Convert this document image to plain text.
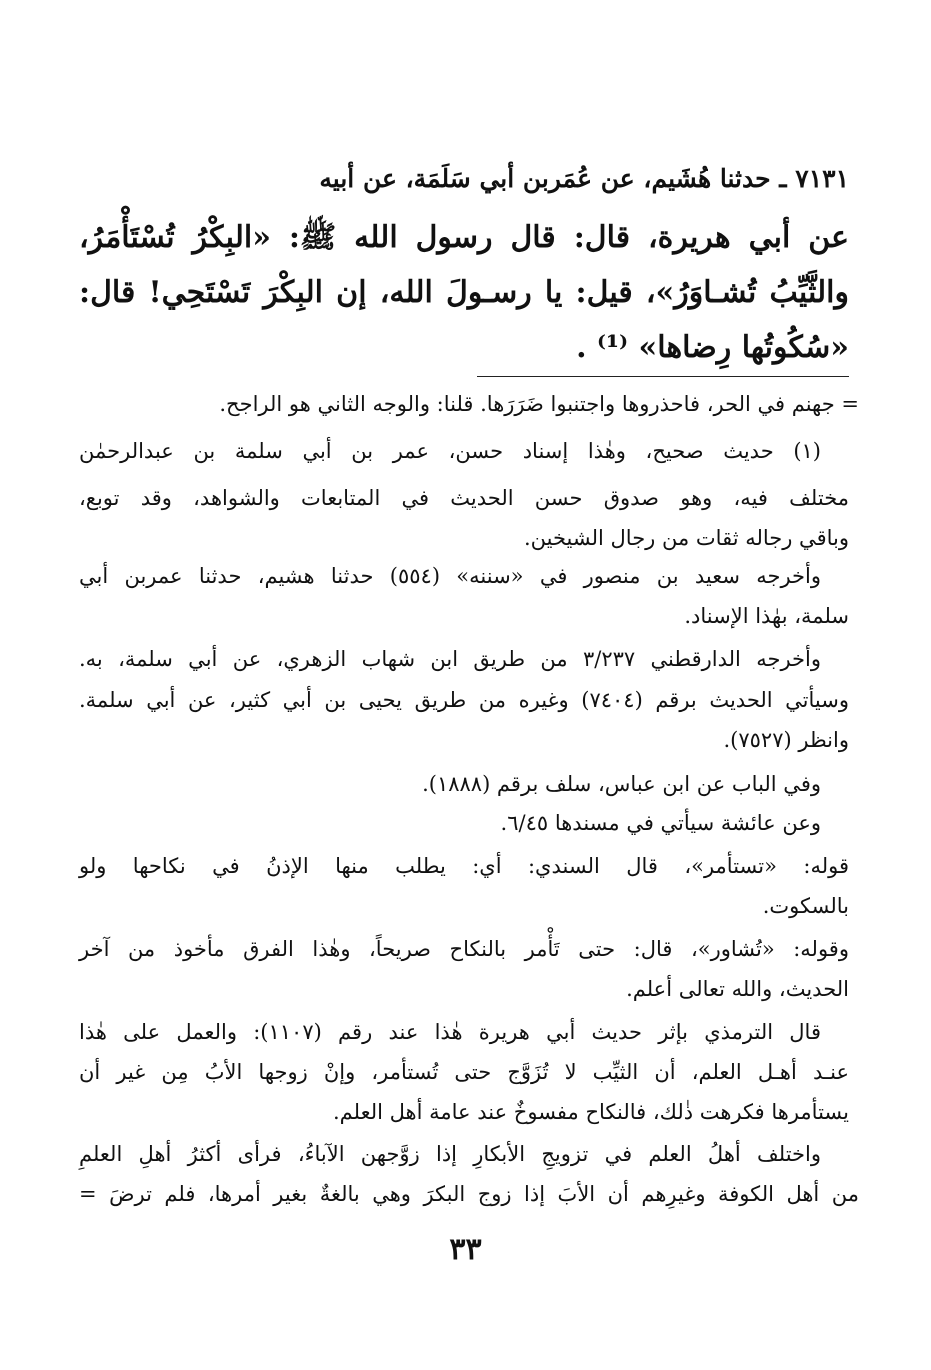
٧١٣١ ـ حدثنا هُشَيم، عن عُمَربن أبي سَلَمَة، عن أبيه
عن أبي هريرة، قال: قال رسول الله ﷺ: «البِكْرُ تُسْتَأْمَرُ،
والثَّيِّبُ تُشـاوَرُ»، قيل: يا رسـولَ الله، إن البِكْرَ تَسْتَحِي! قال:
«سُكُوتُها رِضاها» ⁽¹⁾ .
= جهنم في الحر، فاحذروها واجتنبوا ضَرَرَها. قلنا: والوجه الثاني هو الراجح.
(١) حديث صحيح، وهٰذا إسناد حسن، عمر بن أبي سلمة بن عبدالرحمٰن
مختلف فيه، وهو صدوق حسن الحديث في المتابعات والشواهد، وقد توبع،
وباقي رجاله ثقات من رجال الشيخين.
وأخرجه سعيد بن منصور في «سننه» (٥٥٤) حدثنا هشيم، حدثنا عمربن أبي
سلمة، بهٰذا الإسناد.
وأخرجه الدارقطني ٣/٢٣٧ من طريق ابن شهاب الزهري، عن أبي سلمة، به.
وسيأتي الحديث برقم (٧٤٠٤) وغيره من طريق يحيى بن أبي كثير، عن أبي سلمة.
وانظر (٧٥٢٧).
وفي الباب عن ابن عباس، سلف برقم (١٨٨٨).
وعن عائشة سيأتي في مسندها ٦/٤٥.
قوله: «تستأمر»، قال السندي: أي: يطلب منها الإذنُ في نكاحها ولو
بالسكوت.
وقوله: «تُشاور»، قال: حتى تَأْمر بالنكاح صريحاً، وهٰذا الفرق مأخوذ من آخر
الحديث، والله تعالى أعلم.
قال الترمذي بإثر حديث أبي هريرة هٰذا عند رقم (١١٠٧): والعمل على هٰذا
عنـد أهـل العلم، أن الثيِّب لا تُزَوَّج حتى تُستأمر، وإنْ زوجها الأبُ مِن غير أن
يستأمرها فكرهت ذٰلك، فالنكاح مفسوخٌ عند عامة أهل العلم.
واختلف أهلُ العلم في تزويجِ الأبكارِ إذا زوَّجهن الآباءُ، فرأى أكثرُ أهلِ العلمِ
من أهل الكوفة وغيرِهم أن الأبَ إذا زوج البكرَ وهي بالغةٌ بغير أمرها، فلم ترضَ =
٣٣
